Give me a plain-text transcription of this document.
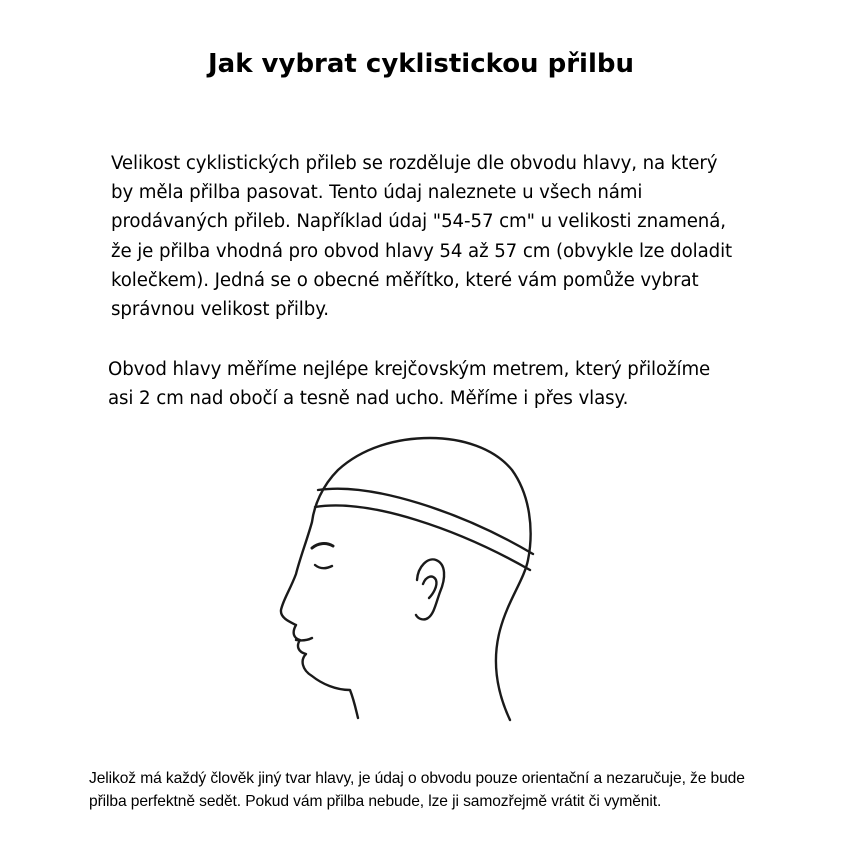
Jak vybrat cyklistickou přilbu
Velikost cyklistických přileb se rozděluje dle obvodu hlavy, na který
by měla přilba pasovat. Tento údaj naleznete u všech námi
prodávaných přileb. Například údaj "54-57 cm" u velikosti znamená,
že je přilba vhodná pro obvod hlavy 54 až 57 cm (obvykle lze doladit
kolečkem). Jedná se o obecné měřítko, které vám pomůže vybrat
správnou velikost přilby.
Obvod hlavy měříme nejlépe krejčovským metrem, který přiložíme
asi 2 cm nad obočí a tesně nad ucho. Měříme i přes vlasy.
Jelikož má každý člověk jiný tvar hlavy, je údaj o obvodu pouze orientační a nezaručuje, že bude
přilba perfektně sedět. Pokud vám přilba nebude, lze ji samozřejmě vrátit či vyměnit.
